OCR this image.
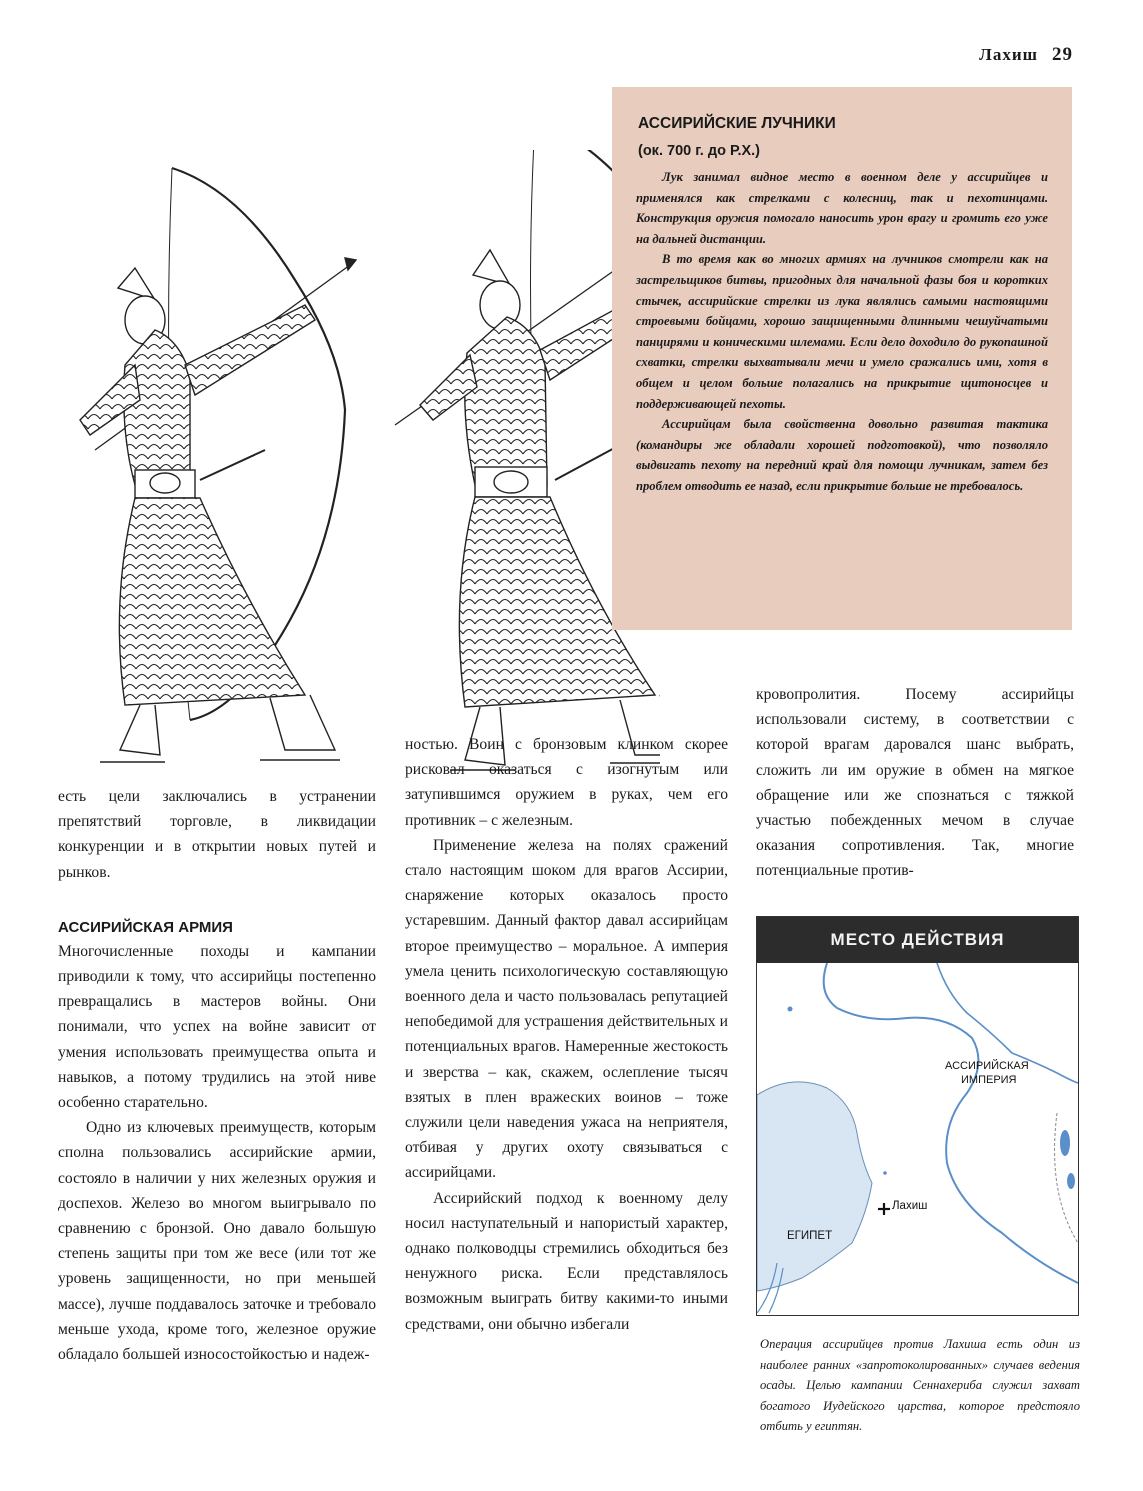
Лахиш 29
АССИРИЙСКИЕ ЛУЧНИКИ
(ок. 700 г. до Р.Х.)

Лук занимал видное место в военном деле у ассирийцев и применялся как стрелками с колесниц, так и пехотинцами. Конструкция оружия помогало наносить урон врагу и громить его уже на дальней дистанции.

В то время как во многих армиях на лучников смотрели как на застрельщиков битвы, пригодных для начальной фазы боя и коротких стычек, ассирийские стрелки из лука являлись самыми настоящими строевыми бойцами, хорошо защищенными длинными чешуйчатыми панцирями и коническими шлемами. Если дело доходило до рукопашной схватки, стрелки выхватывали мечи и умело сражались ими, хотя в общем и целом больше полагались на прикрытие щитоносцев и поддерживающей пехоты.

Ассирийцам была свойственна довольно развитая тактика (командиры же обладали хорошей подготовкой), что позволяло выдвигать пехоту на передний край для помощи лучникам, затем без проблем отводить ее назад, если прикрытие больше не требовалось.

есть цели заключались в устранении препятствий торговле, в ликвидации конкуренции и в открытии новых путей и рынков.

АССИРИЙСКАЯ АРМИЯ

Многочисленные походы и кампании приводили к тому, что ассирийцы постепенно превращались в мастеров войны. Они понимали, что успех на войне зависит от умения использовать преимущества опыта и навыков, а потому трудились на этой ниве особенно старательно.

Одно из ключевых преимуществ, которым сполна пользовались ассирийские армии, состояло в наличии у них железных оружия и доспехов. Железо во многом выигрывало по сравнению с бронзой. Оно давало большую степень защиты при том же весе (или тот же уровень защищенности, но при меньшей массе), лучше поддавалось заточке и требовало меньше ухода, кроме того, железное оружие обладало большей износостойкостью и надеж-

ностью. Воин с бронзовым клинком скорее рисковал оказаться с изогнутым или затупившимся оружием в руках, чем его противник – с железным.

Применение железа на полях сражений стало настоящим шоком для врагов Ассирии, снаряжение которых оказалось просто устаревшим. Данный фактор давал ассирийцам второе преимущество – моральное. А империя умела ценить психологическую составляющую военного дела и часто пользовалась репутацией непобедимой для устрашения действительных и потенциальных врагов. Намеренные жестокость и зверства – как, скажем, ослепление тысяч взятых в плен вражеских воинов – тоже служили цели наведения ужаса на неприятеля, отбивая у других охоту связываться с ассирийцами.

Ассирийский подход к военному делу носил наступательный и напористый характер, однако полководцы стремились обходиться без ненужного риска. Если представлялось возможным выиграть битву какими-то иными средствами, они обычно избегали

кровопролития. Посему ассирийцы использовали систему, в соответствии с которой врагам даровался шанс выбрать, сложить ли им оружие в обмен на мягкое обращение или же спознаться с тяжкой участью побежденных мечом в случае оказания сопротивления. Так, многие потенциальные против-

МЕСТО ДЕЙСТВИЯ
АССИРИЙСКАЯ
ИМПЕРИЯ
Лахиш
ЕГИПЕТ
Операция ассирийцев против Лахиша есть один из наиболее ранних «запротоколированных» случаев ведения осады. Целью кампании Сеннахериба служил захват богатого Иудейского царства, которое предстояло отбить у египтян.
